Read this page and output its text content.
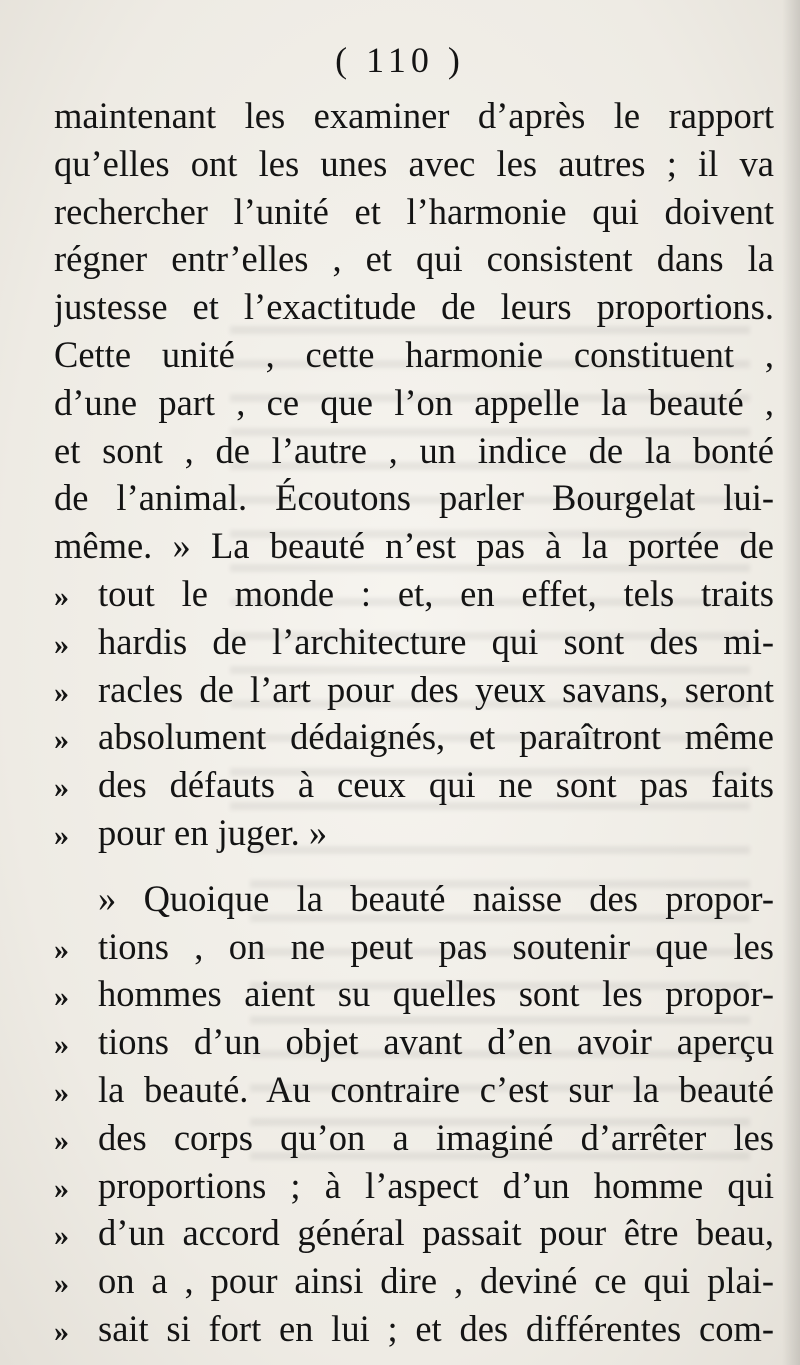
( 110 )
maintenant les examiner d’après le rapport
qu’elles ont les unes avec les autres ; il va
rechercher l’unité et l’harmonie qui doivent
régner entr’elles , et qui consistent dans la
justesse et l’exactitude de leurs proportions.
Cette unité , cette harmonie constituent ,
d’une part , ce que l’on appelle la beauté ,
et sont , de l’autre , un indice de la bonté
de l’animal. Écoutons parler Bourgelat lui-
même. » La beauté n’est pas à la portée de
» tout le monde : et, en effet, tels traits
» hardis de l’architecture qui sont des mi-
» racles de l’art pour des yeux savans, seront
» absolument dédaignés, et paraîtront même
» des défauts à ceux qui ne sont pas faits
» pour en juger. »
» Quoique la beauté naisse des propor-
» tions , on ne peut pas soutenir que les
» hommes aient su quelles sont les propor-
» tions d’un objet avant d’en avoir aperçu
» la beauté. Au contraire c’est sur la beauté
» des corps qu’on a imaginé d’arrêter les
» proportions ; à l’aspect d’un homme qui
» d’un accord général passait pour être beau,
» on a , pour ainsi dire , deviné ce qui plai-
» sait si fort en lui ; et des différentes com-
